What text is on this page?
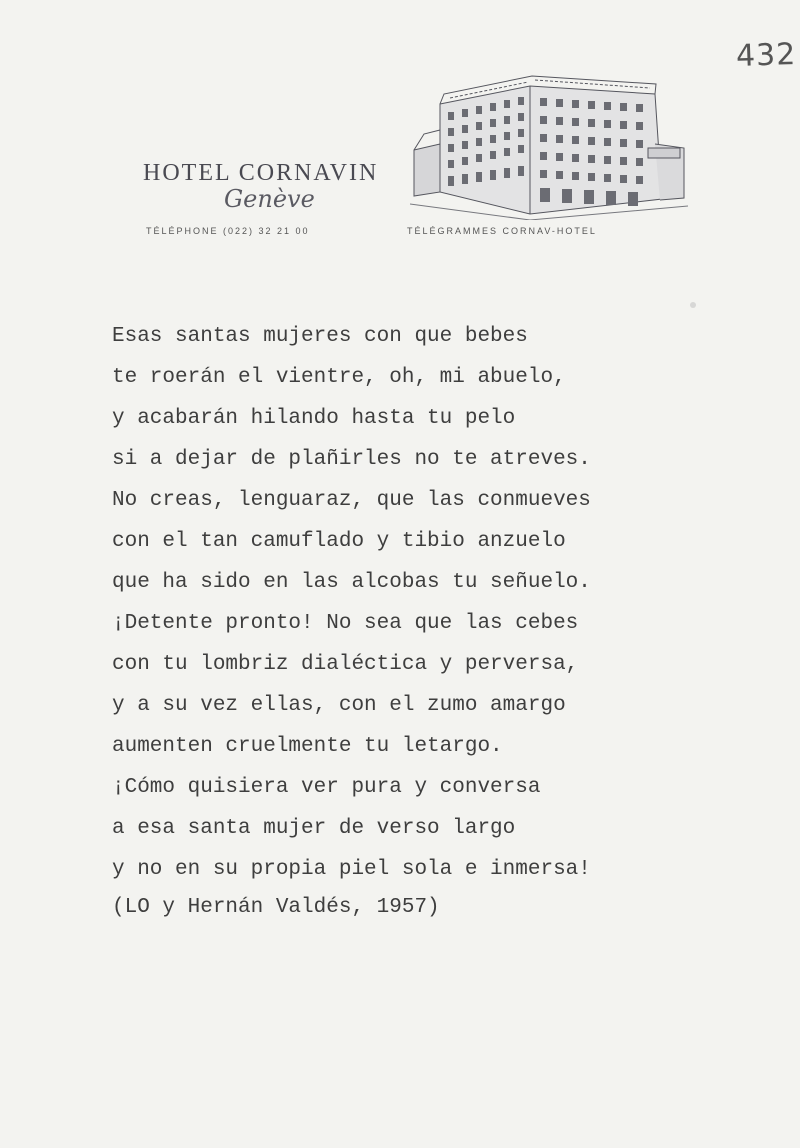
432
HOTEL CORNAVIN
Genève
TÉLÉPHONE (022) 32 21 00	TÉLÉGRAMMES CORNAV-HOTEL
Esas santas mujeres con que bebes
te roerán el vientre, oh, mi abuelo,
y acabarán hilando hasta tu pelo
si a dejar de plañirles no te atreves.
No creas, lenguaraz, que las conmueves
con el tan camuflado y tibio anzuelo
que ha sido en las alcobas tu señuelo.
¡Detente pronto! No sea que las cebes
con tu lombriz dialéctica y perversa,
y a su vez ellas, con el zumo amargo
aumenten cruelmente tu letargo.
¡Cómo quisiera ver pura y conversa
a esa santa mujer de verso largo
y no en su propia piel sola e inmersa!
(LO y Hernán Valdés, 1957)
